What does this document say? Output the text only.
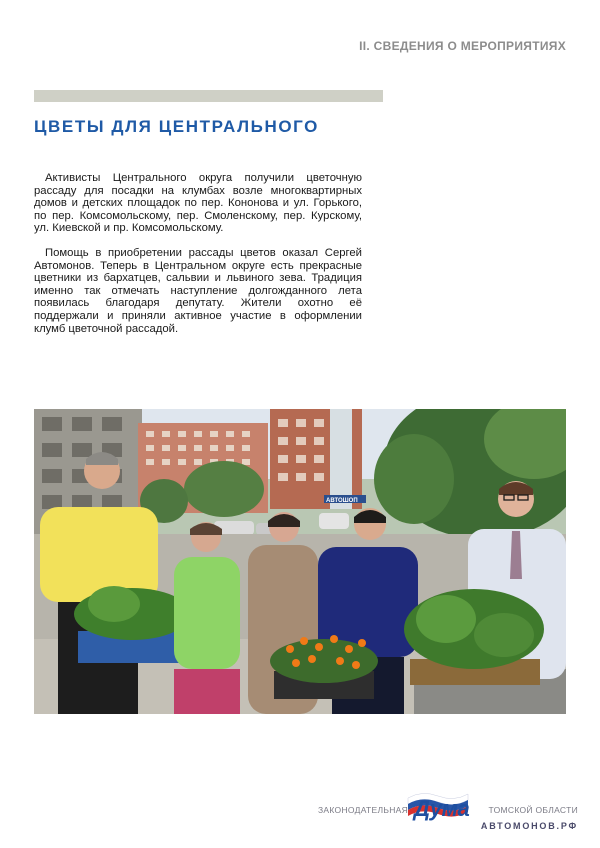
II. СВЕДЕНИЯ О МЕРОПРИЯТИЯХ
ЦВЕТЫ ДЛЯ ЦЕНТРАЛЬНОГО

Активисты Центрального округа получили цветочную рассаду для посадки на клумбах возле многоквартирных домов и детских площадок по пер. Кононова и ул. Горького, по пер. Комсомольскому, пер. Смоленскому, пер. Курскому, ул. Киевской и пр. Комсомольскому.

Помощь в приобретении рассады цветов оказал Сергей Автомонов. Теперь в Центральном округе есть прекрасные цветники из бархатцев, сальвии и львиного зева. Традиция именно так отмечать наступление долгожданного лета появилась благодаря депутату. Жители охотно её поддержали и приняли активное участие в оформлении клумб цветочной рассадой.

АВТОШОП
ЗАКОНОДАТЕЛЬНАЯ Дума ТОМСКОЙ ОБЛАСТИ
АВТОМОНОВ.РФ
